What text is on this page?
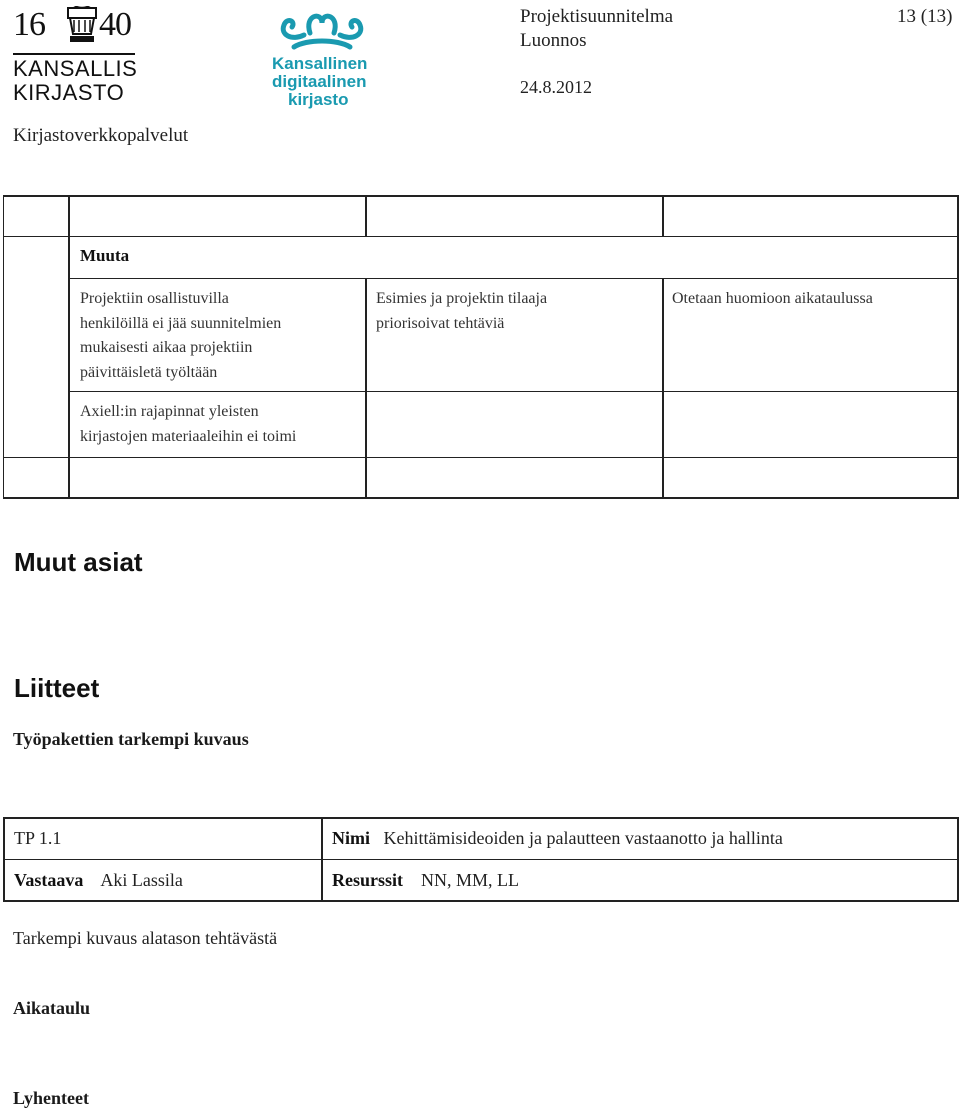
16 40
KANSALLIS
KIRJASTO
Kansallinen
digitaalinen
kirjasto
Projektisuunnitelma
Luonnos
24.8.2012
13 (13)
Kirjastoverkkopalvelut
Muuta
Projektiin osallistuvilla
henkilöillä ei jää suunnitelmien
mukaisesti aikaa projektiin
päivittäisletä työltään
Esimies ja projektin tilaaja
priorisoivat tehtäviä
Otetaan huomioon aikataulussa
Axiell:in rajapinnat yleisten
kirjastojen materiaaleihin ei toimi
Muut asiat
Liitteet
Työpakettien tarkempi kuvaus
TP 1.1	Nimi Kehittämisideoiden ja palautteen vastaanotto ja hallinta
Vastaava Aki Lassila	Resurssit NN, MM, LL
Tarkempi kuvaus alatason tehtävästä
Aikataulu
Lyhenteet
